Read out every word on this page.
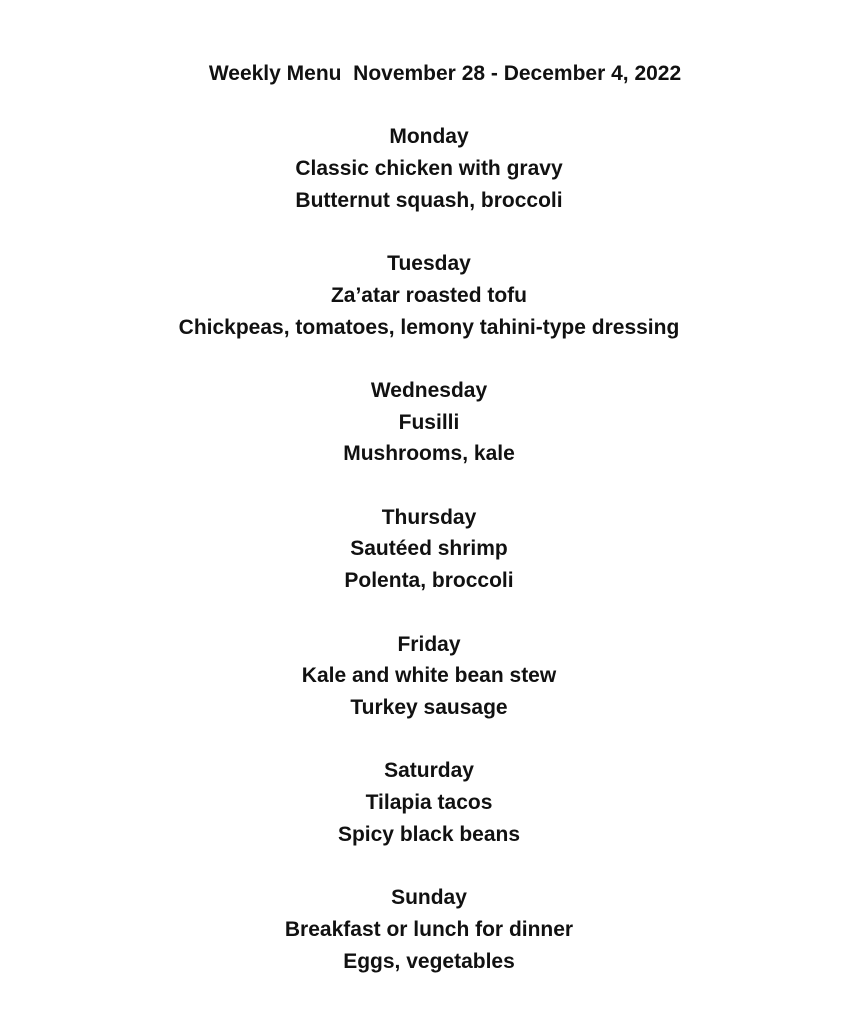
Weekly Menu  November 28 - December 4, 2022
Monday
Classic chicken with gravy
Butternut squash, broccoli
Tuesday
Za’atar roasted tofu
Chickpeas, tomatoes, lemony tahini-type dressing
Wednesday
Fusilli
Mushrooms, kale
Thursday
Sautéed shrimp
Polenta, broccoli
Friday
Kale and white bean stew
Turkey sausage
Saturday
Tilapia tacos
Spicy black beans
Sunday
Breakfast or lunch for dinner
Eggs, vegetables
